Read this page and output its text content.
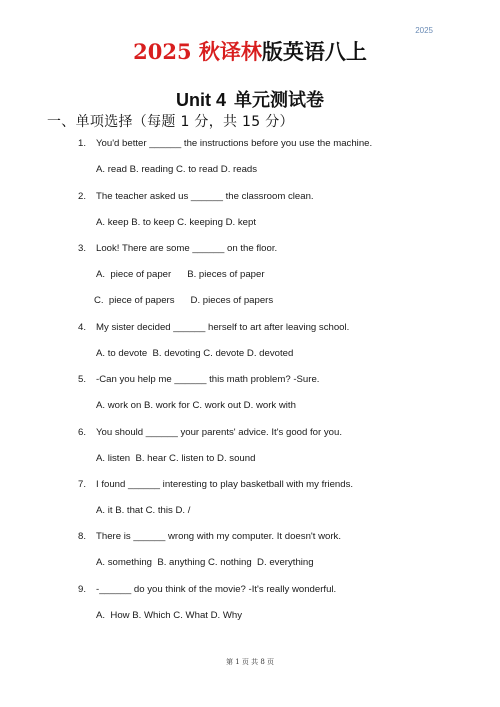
2025
2025 秋译林版英语八上
Unit 4 单元测试卷
一、单项选择（每题 1 分，共 15 分）
1. You'd better ______ the instructions before you use the machine.
A. read B. reading C. to read D. reads
2. The teacher asked us ______ the classroom clean.
A. keep B. to keep C. keeping D. kept
3. Look! There are some ______ on the floor.
A.  piece of paper      B. pieces of paper
C.  piece of papers      D. pieces of papers
4. My sister decided ______ herself to art after leaving school.
A. to devote  B. devoting C. devote D. devoted
5. -Can you help me ______ this math problem? -Sure.
A. work on B. work for C. work out D. work with
6. You should ______ your parents' advice. It's good for you.
A. listen  B. hear C. listen to D. sound
7. I found ______ interesting to play basketball with my friends.
A. it B. that C. this D. /
8. There is ______ wrong with my computer. It doesn't work.
A. something  B. anything C. nothing  D. everything
9. -______ do you think of the movie? -It's really wonderful.
A.  How B. Which C. What D. Why
第 1 页 共 8 页
